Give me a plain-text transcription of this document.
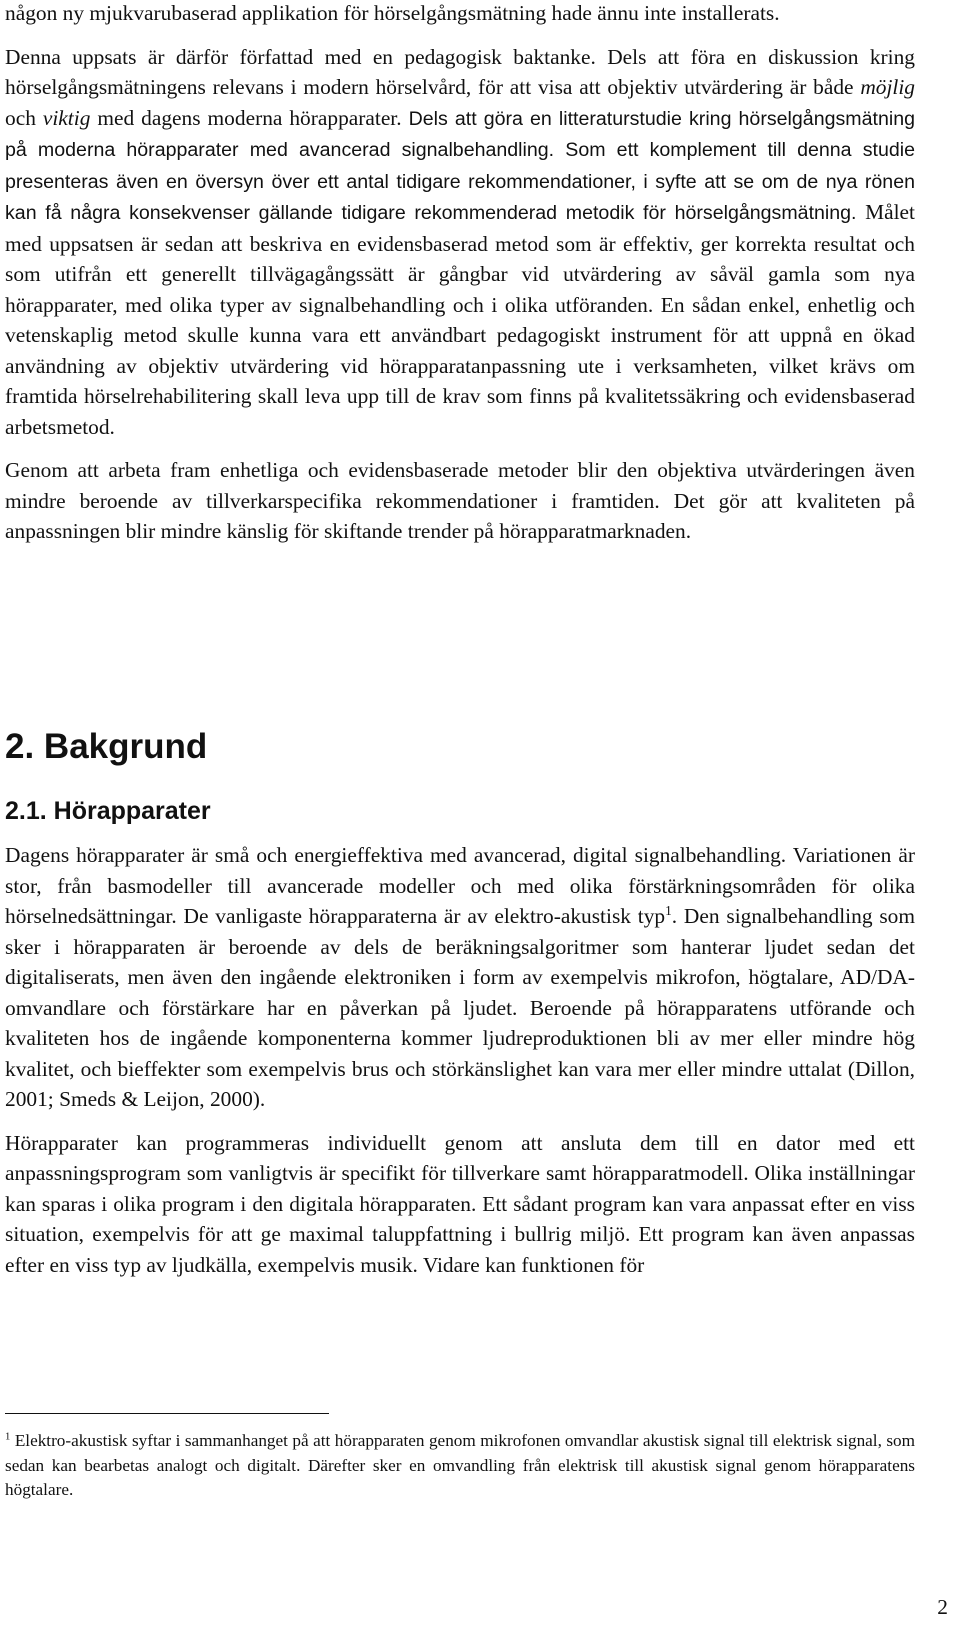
någon ny mjukvarubaserad applikation för hörselgångsmätning hade ännu inte installerats.

Denna uppsats är därför författad med en pedagogisk baktanke. Dels att föra en diskussion kring hörselgångsmätningens relevans i modern hörselvård, för att visa att objektiv utvärdering är både möjlig och viktig med dagens moderna hörapparater. Dels att göra en litteraturstudie kring hörselgångsmätning på moderna hörapparater med avancerad signalbehandling. Som ett komplement till denna studie presenteras även en översyn över ett antal tidigare rekommendationer, i syfte att se om de nya rönen kan få några konsekvenser gällande tidigare rekommenderad metodik för hörselgångsmätning. Målet med uppsatsen är sedan att beskriva en evidensbaserad metod som är effektiv, ger korrekta resultat och som utifrån ett generellt tillvägagångssätt är gångbar vid utvärdering av såväl gamla som nya hörapparater, med olika typer av signalbehandling och i olika utföranden. En sådan enkel, enhetlig och vetenskaplig metod skulle kunna vara ett användbart pedagogiskt instrument för att uppnå en ökad användning av objektiv utvärdering vid hörapparatanpassning ute i verksamheten, vilket krävs om framtida hörselrehabilitering skall leva upp till de krav som finns på kvalitetssäkring och evidensbaserad arbetsmetod.

Genom att arbeta fram enhetliga och evidensbaserade metoder blir den objektiva utvärderingen även mindre beroende av tillverkarspecifika rekommendationer i framtiden. Det gör att kvaliteten på anpassningen blir mindre känslig för skiftande trender på hörapparatmarknaden.

2. Bakgrund
2.1. Hörapparater

Dagens hörapparater är små och energieffektiva med avancerad, digital signalbehandling. Variationen är stor, från basmodeller till avancerade modeller och med olika förstärkningsområden för olika hörselnedsättningar. De vanligaste hörapparaterna är av elektro-akustisk typ$^1$. Den signalbehandling som sker i hörapparaten är beroende av dels de beräkningsalgoritmer som hanterar ljudet sedan det digitaliserats, men även den ingående elektroniken i form av exempelvis mikrofon, högtalare, AD/DA-omvandlare och förstärkare har en påverkan på ljudet. Beroende på hörapparatens utförande och kvaliteten hos de ingående komponenterna kommer ljudreproduktionen bli av mer eller mindre hög kvalitet, och bieffekter som exempelvis brus och störkänslighet kan vara mer eller mindre uttalat (Dillon, 2001; Smeds & Leijon, 2000).

Hörapparater kan programmeras individuellt genom att ansluta dem till en dator med ett anpassningsprogram som vanligtvis är specifikt för tillverkare samt hörapparatmodell. Olika inställningar kan sparas i olika program i den digitala hörapparaten. Ett sådant program kan vara anpassat efter en viss situation, exempelvis för att ge maximal taluppfattning i bullrig miljö. Ett program kan även anpassas efter en viss typ av ljudkälla, exempelvis musik. Vidare kan funktionen för

$^1$ Elektro-akustisk syftar i sammanhanget på att hörapparaten genom mikrofonen omvandlar akustisk signal till elektrisk signal, som sedan kan bearbetas analogt och digitalt. Därefter sker en omvandling från elektrisk till akustisk signal genom hörapparatens högtalare.
2
